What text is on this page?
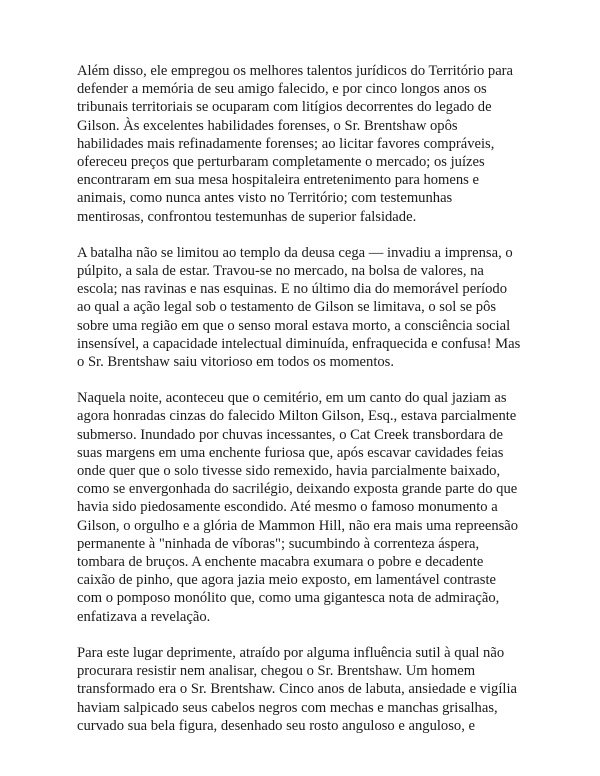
Além disso, ele empregou os melhores talentos jurídicos do Território para
defender a memória de seu amigo falecido, e por cinco longos anos os
tribunais territoriais se ocuparam com litígios decorrentes do legado de
Gilson. Às excelentes habilidades forenses, o Sr. Brentshaw opôs
habilidades mais refinadamente forenses; ao licitar favores compráveis,
ofereceu preços que perturbaram completamente o mercado; os juízes
encontraram em sua mesa hospitaleira entretenimento para homens e
animais, como nunca antes visto no Território; com testemunhas
mentirosas, confrontou testemunhas de superior falsidade.

A batalha não se limitou ao templo da deusa cega — invadiu a imprensa, o
púlpito, a sala de estar. Travou-se no mercado, na bolsa de valores, na
escola; nas ravinas e nas esquinas. E no último dia do memorável período
ao qual a ação legal sob o testamento de Gilson se limitava, o sol se pôs
sobre uma região em que o senso moral estava morto, a consciência social
insensível, a capacidade intelectual diminuída, enfraquecida e confusa! Mas
o Sr. Brentshaw saiu vitorioso em todos os momentos.

Naquela noite, aconteceu que o cemitério, em um canto do qual jaziam as
agora honradas cinzas do falecido Milton Gilson, Esq., estava parcialmente
submerso. Inundado por chuvas incessantes, o Cat Creek transbordara de
suas margens em uma enchente furiosa que, após escavar cavidades feias
onde quer que o solo tivesse sido remexido, havia parcialmente baixado,
como se envergonhada do sacrilégio, deixando exposta grande parte do que
havia sido piedosamente escondido. Até mesmo o famoso monumento a
Gilson, o orgulho e a glória de Mammon Hill, não era mais uma repreensão
permanente à "ninhada de víboras"; sucumbindo à correnteza áspera,
tombara de bruços. A enchente macabra exumara o pobre e decadente
caixão de pinho, que agora jazia meio exposto, em lamentável contraste
com o pomposo monólito que, como uma gigantesca nota de admiração,
enfatizava a revelação.

Para este lugar deprimente, atraído por alguma influência sutil à qual não
procurara resistir nem analisar, chegou o Sr. Brentshaw. Um homem
transformado era o Sr. Brentshaw. Cinco anos de labuta, ansiedade e vigília
haviam salpicado seus cabelos negros com mechas e manchas grisalhas,
curvado sua bela figura, desenhado seu rosto anguloso e anguloso, e
